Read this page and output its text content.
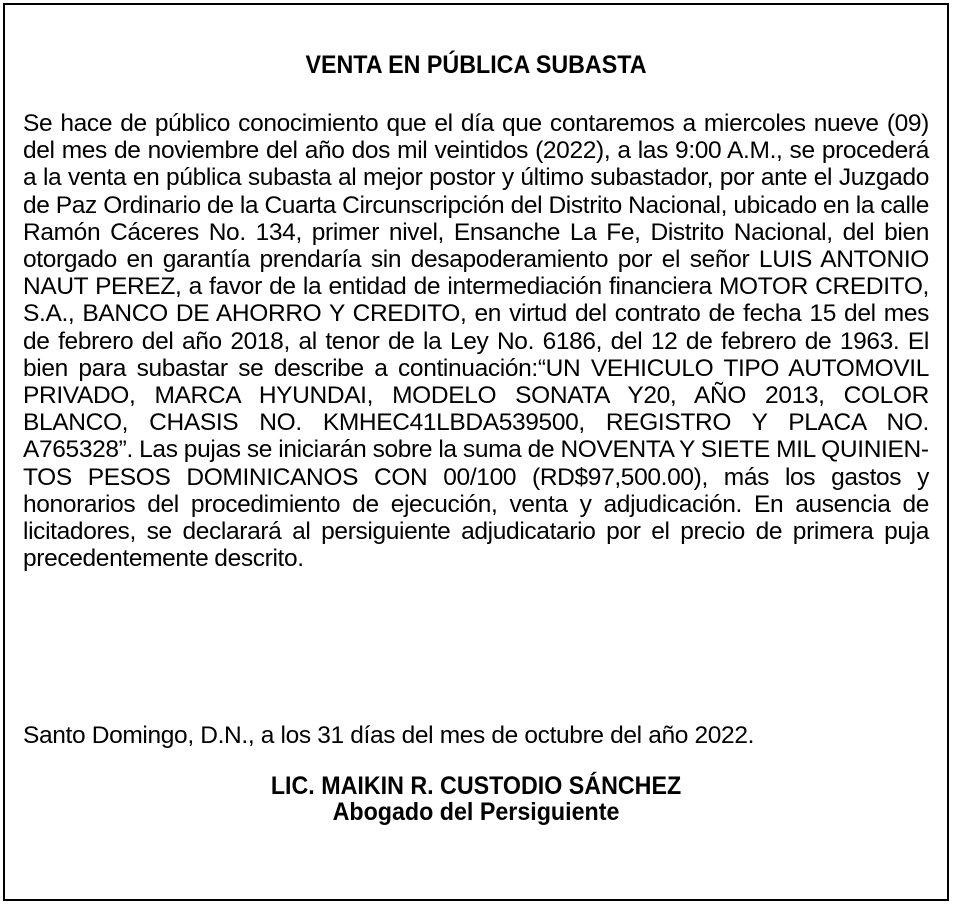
VENTA EN PÚBLICA SUBASTA
Se hace de público conocimiento que el día que contaremos a miercoles nueve (09) del mes de noviembre del año dos mil veintidos (2022), a las 9:00 A.M., se procederá a la venta en pública subasta al mejor postor y último subastador, por ante el Juzgado de Paz Ordinario de la Cuarta Circunscripción del Distrito Nacional, ubicado en la calle Ramón Cáceres No. 134, primer nivel, Ensanche La Fe, Distrito Nacional, del bien otorgado en garantía prendaría sin desapoderamiento por el señor LUIS ANTONIO NAUT PEREZ, a favor de la entidad de intermediación financiera MOTOR CREDITO, S.A., BANCO DE AHORRO Y CREDITO, en virtud del contrato de fecha 15 del mes de febrero del año 2018, al tenor de la Ley No. 6186, del 12 de febrero de 1963. El bien para subastar se describe a continuación:“UN VEHICULO TIPO AUTOMOVIL PRIVADO, MARCA HYUNDAI, MODELO SONATA Y20, AÑO 2013, COLOR BLANCO, CHASIS NO. KMHEC41LBDA539500, REGISTRO Y PLACA NO. A765328”. Las pujas se iniciarán sobre la suma de NOVENTA Y SIETE MIL QUINIENTOS PESOS DOMINICANOS CON 00/100 (RD$97,500.00), más los gastos y honorarios del procedimiento de ejecución, venta y adjudicación. En ausencia de licitadores, se declarará al persiguiente adjudicatario por el precio de primera puja precedentemente descrito.
Santo Domingo, D.N., a los 31 días del mes de octubre del año 2022.
LIC. MAIKIN R. CUSTODIO SÁNCHEZ
Abogado del Persiguiente
